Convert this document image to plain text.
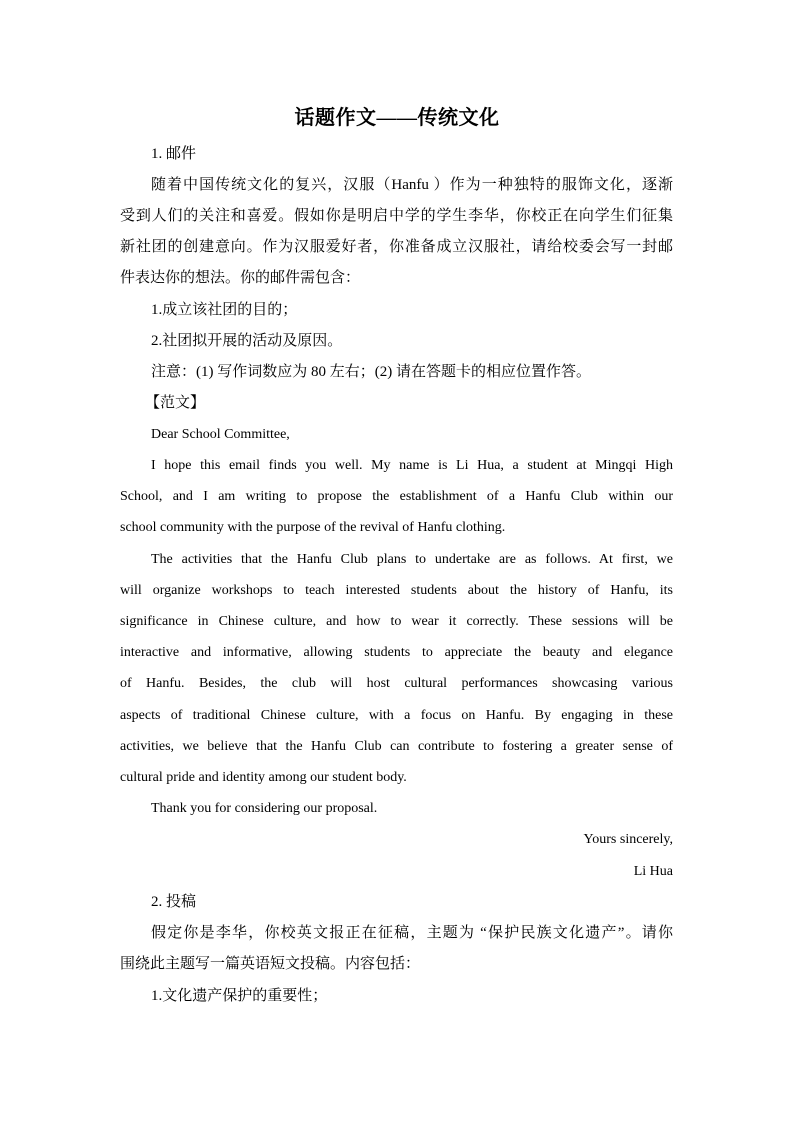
话题作文——传统文化
1. 邮件
随着中国传统文化的复兴，汉服（Hanfu ）作为一种独特的服饰文化，逐渐
受到人们的关注和喜爱。假如你是明启中学的学生李华，你校正在向学生们征集
新社团的创建意向。作为汉服爱好者，你准备成立汉服社，请给校委会写一封邮
件表达你的想法。你的邮件需包含：
1.成立该社团的目的；
2.社团拟开展的活动及原因。
注意：(1) 写作词数应为 80 左右；(2) 请在答题卡的相应位置作答。
【范文】
Dear School Committee,
I hope this email finds you well. My name is Li Hua, a student at Mingqi High
School, and I am writing to propose the establishment of a Hanfu Club within our
school community with the purpose of the revival of Hanfu clothing.
The activities that the Hanfu Club plans to undertake are as follows. At first, we
will organize workshops to teach interested students about the history of Hanfu, its
significance in Chinese culture, and how to wear it correctly. These sessions will be
interactive and informative, allowing students to appreciate the beauty and elegance
of Hanfu. Besides, the club will host cultural performances showcasing various
aspects of traditional Chinese culture, with a focus on Hanfu. By engaging in these
activities, we believe that the Hanfu Club can contribute to fostering a greater sense of
cultural pride and identity among our student body.
Thank you for considering our proposal.
Yours sincerely,
Li Hua
2. 投稿
假定你是李华，你校英文报正在征稿，主题为 “保护民族文化遗产”。请你
围绕此主题写一篇英语短文投稿。内容包括：
1.文化遗产保护的重要性；
